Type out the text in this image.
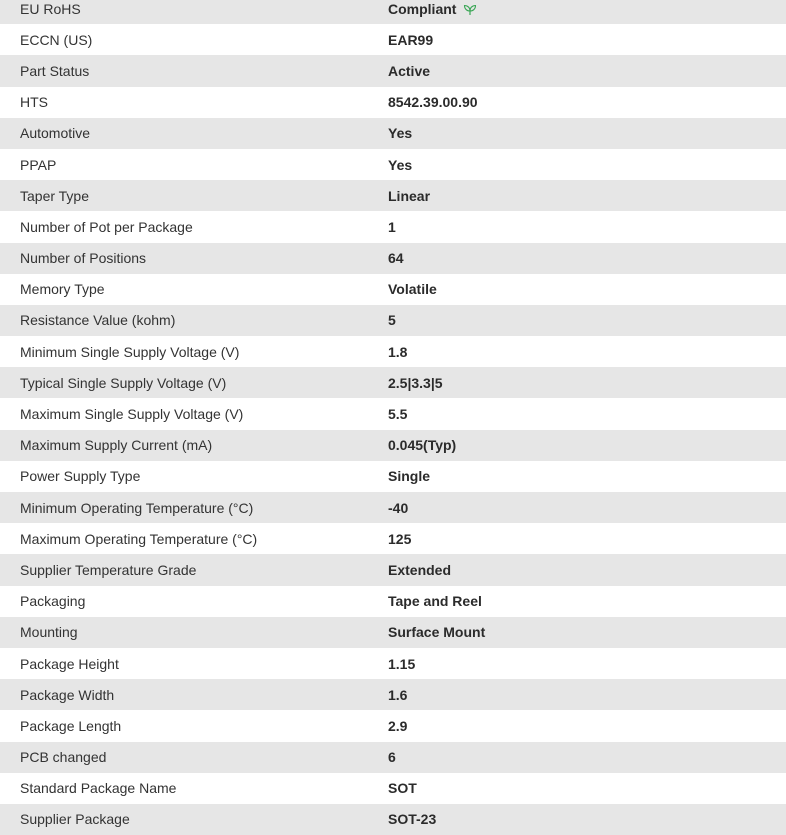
EU RoHS	Compliant
ECCN (US)	EAR99
Part Status	Active
HTS	8542.39.00.90
Automotive	Yes
PPAP	Yes
Taper Type	Linear
Number of Pot per Package	1
Number of Positions	64
Memory Type	Volatile
Resistance Value (kohm)	5
Minimum Single Supply Voltage (V)	1.8
Typical Single Supply Voltage (V)	2.5|3.3|5
Maximum Single Supply Voltage (V)	5.5
Maximum Supply Current (mA)	0.045(Typ)
Power Supply Type	Single
Minimum Operating Temperature (°C)	-40
Maximum Operating Temperature (°C)	125
Supplier Temperature Grade	Extended
Packaging	Tape and Reel
Mounting	Surface Mount
Package Height	1.15
Package Width	1.6
Package Length	2.9
PCB changed	6
Standard Package Name	SOT
Supplier Package	SOT-23
